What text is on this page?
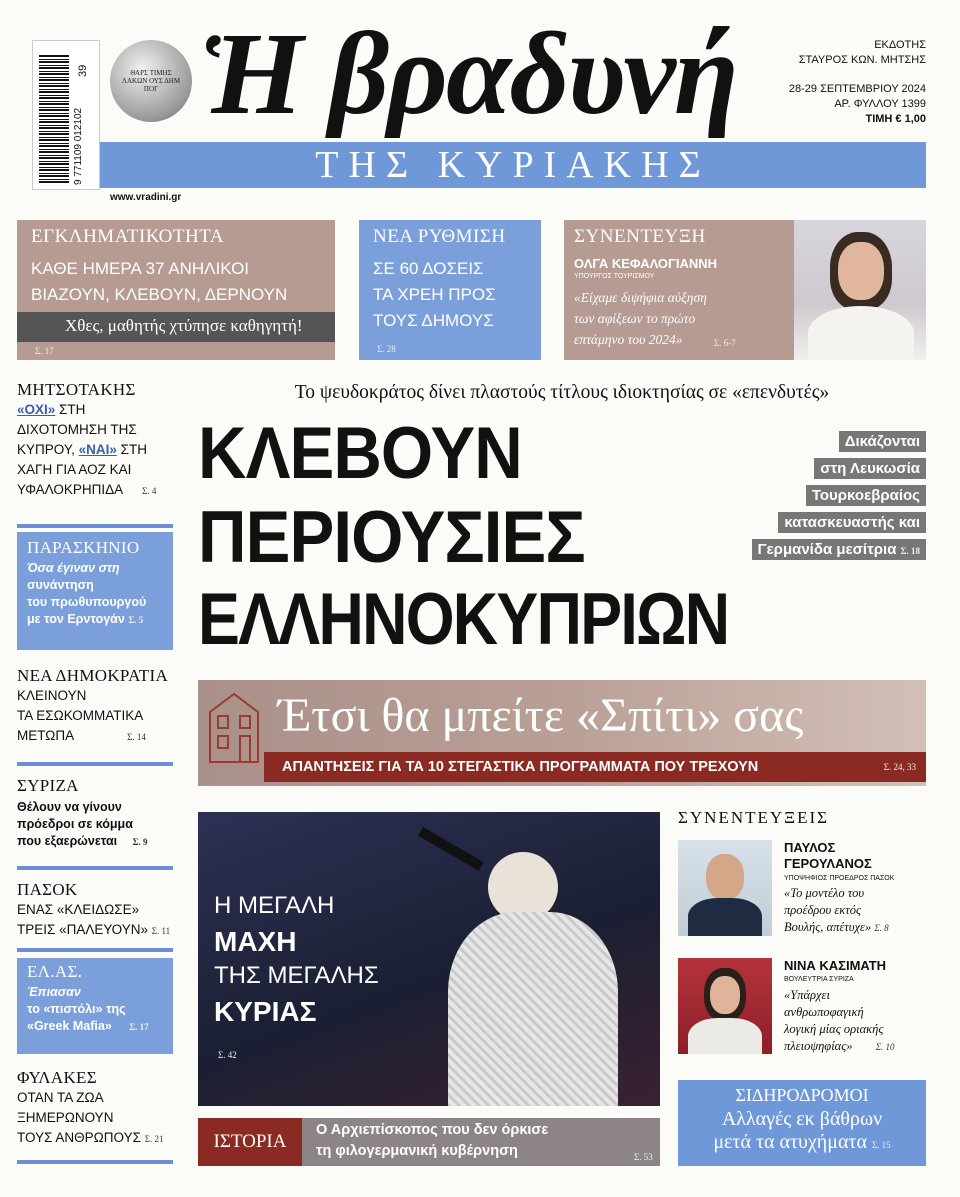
39
9 771109 012102
ΘΑΡΣ ΤΙΜΗΣ ΛΑΚΩΝ ΟΥΣ ΔΗΜ ΠΟΓ Ἡ βραδυνή	ΕΚΔΟΤΗΣ
ΣΤΑΥΡΟΣ ΚΩΝ. ΜΗΤΣΗΣ
28-29 ΣΕΠΤΕΜΒΡΙΟΥ 2024
ΑΡ. ΦΥΛΛΟΥ 1399
ΤΙΜΗ € 1,00
ΤΗΣ ΚΥΡΙΑΚΗΣ
www.vradini.gr
ΕΓΚΛΗΜΑΤΙΚΟΤΗΤΑ
ΚΑΘΕ ΗΜΕΡΑ 37 ΑΝΗΛΙΚΟΙ
ΒΙΑΖΟΥΝ, ΚΛΕΒΟΥΝ, ΔΕΡΝΟΥΝ
Χθες, μαθητής χτύπησε καθηγητή!
Σ. 17
ΝΕΑ ΡΥΘΜΙΣΗ
ΣΕ 60 ΔΟΣΕΙΣ
ΤΑ ΧΡΕΗ ΠΡΟΣ
ΤΟΥΣ ΔΗΜΟΥΣ
Σ. 28
ΣΥΝΕΝΤΕΥΞΗ
ΟΛΓΑ ΚΕΦΑΛΟΓΙΑΝΝΗ
ΥΠΟΥΡΓΟΣ ΤΟΥΡΙΣΜΟΥ
«Είχαμε διψήφια αύξηση
των αφίξεων το πρώτο
επτάμηνο του 2024»	Σ. 6-7
ΜΗΤΣΟΤΑΚΗΣ
«ΟΧΙ» ΣΤΗ
ΔΙΧΟΤΟΜΗΣΗ ΤΗΣ
ΚΥΠΡΟΥ, «ΝΑΙ» ΣΤΗ
ΧΑΓΗ ΓΙΑ ΑΟΖ ΚΑΙ
ΥΦΑΛΟΚΡΗΠΙΔΑ Σ. 4
ΠΑΡΑΣΚΗΝΙΟ
Όσα έγιναν στη
συνάντηση
του πρωθυπουργού
με τον Ερντογάν Σ. 5
ΝΕΑ ΔΗΜΟΚΡΑΤΙΑ
ΚΛΕΙΝΟΥΝ
ΤΑ ΕΣΩΚΟΜΜΑΤΙΚΑ
ΜΕΤΩΠΑ	Σ. 14
ΣΥΡΙΖΑ
Θέλουν να γίνουν
πρόεδροι σε κόμμα
που εξαερώνεται Σ. 9
ΠΑΣΟΚ
ΕΝΑΣ «ΚΛΕΙΔΩΣΕ»
ΤΡΕΙΣ «ΠΑΛΕΥΟΥΝ» Σ. 11
ΕΛ.ΑΣ.
Έπιασαν
το «πιστόλι» της
«Greek Mafia» Σ. 17
ΦΥΛΑΚΕΣ
ΟΤΑΝ ΤΑ ΖΩΑ
ΞΗΜΕΡΩΝΟΥΝ
ΤΟΥΣ ΑΝΘΡΩΠΟΥΣ Σ. 21
Το ψευδοκράτος δίνει πλαστούς τίτλους ιδιοκτησίας σε «επενδυτές»
ΚΛΕΒΟΥΝ
ΠΕΡΙΟΥΣΙΕΣ
ΕΛΛΗΝΟΚΥΠΡΙΩΝ
Δικάζονται
στη Λευκωσία
Τουρκοεβραίος
κατασκευαστής και
Γερμανίδα μεσίτρια Σ. 18
Έτσι θα μπείτε «Σπίτι» σας
ΑΠΑΝΤΗΣΕΙΣ ΓΙΑ ΤΑ 10 ΣΤΕΓΑΣΤΙΚΑ ΠΡΟΓΡΑΜΜΑΤΑ ΠΟΥ ΤΡΕΧΟΥΝ	Σ. 24, 33
Η ΜΕΓΑΛΗ
ΜΑΧΗ
ΤΗΣ ΜΕΓΑΛΗΣ
ΚΥΡΙΑΣ
Σ. 42
ΙΣΤΟΡΙΑ
Ο Αρχιεπίσκοπος που δεν όρκισε
τη φιλογερμανική κυβέρνηση	Σ. 53
ΣΥΝΕΝΤΕΥΞΕΙΣ
ΠΑΥΛΟΣ
ΓΕΡΟΥΛΑΝΟΣ
ΥΠΟΨΗΦΙΟΣ ΠΡΟΕΔΡΟΣ ΠΑΣΟΚ
«Το μοντέλο του
προέδρου εκτός
Βουλής, απέτυχε» Σ. 8
ΝΙΝΑ ΚΑΣΙΜΑΤΗ
ΒΟΥΛΕΥΤΡΙΑ ΣΥΡΙΖΑ
«Υπάρχει
ανθρωποφαγική
λογική μίας οριακής
πλειοψηφίας»	Σ. 10
ΣΙΔΗΡΟΔΡΟΜΟΙ
Αλλαγές εκ βάθρων
μετά τα ατυχήματα Σ. 15
